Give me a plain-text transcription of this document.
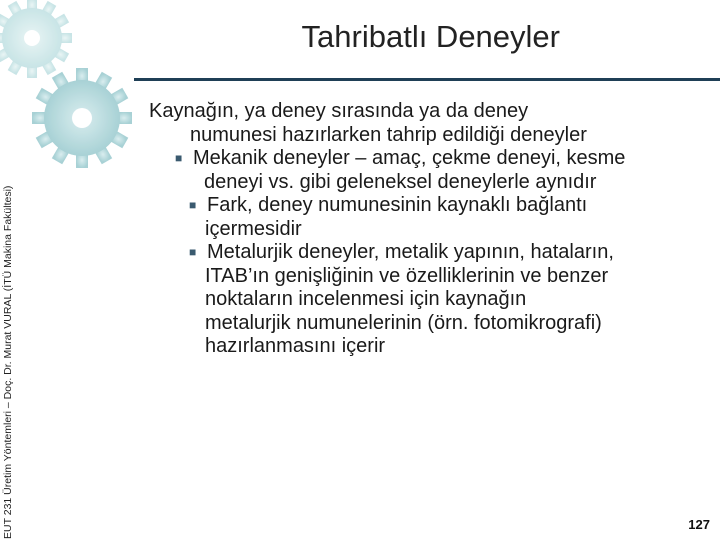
EUT 231 Üretim Yöntemleri – Doç. Dr. Murat VURAL (İTÜ Makina Fakültesi)
Tahribatlı Deneyler
Kaynağın, ya deney sırasında ya da deney
numunesi hazırlarken tahrip edildiği deneyler
■ Mekanik deneyler – amaç, çekme deneyi, kesme
deneyi vs. gibi geleneksel deneylerle aynıdır
■ Fark, deney numunesinin kaynaklı bağlantı
içermesidir
■ Metalurjik deneyler, metalik yapının, hataların,
ITAB’ın genişliğinin ve özelliklerinin ve benzer
noktaların incelenmesi için kaynağın
metalurjik numunelerinin (örn. fotomikrografi)
hazırlanmasını içerir
127
